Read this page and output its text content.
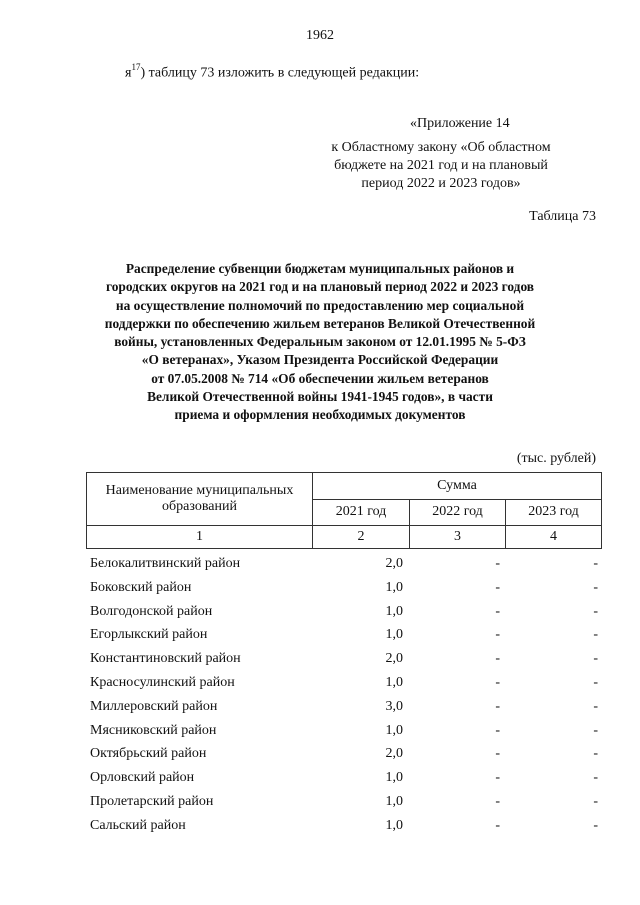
1962
$я^{17}$) таблицу 73 изложить в следующей редакции:
«Приложение 14
к Областному закону «Об областном
бюджете на 2021 год и на плановый
период 2022 и 2023 годов»
Таблица 73
Распределение субвенции бюджетам муниципальных районов и
городских округов на 2021 год и на плановый период 2022 и 2023 годов
на осуществление полномочий по предоставлению мер социальной
поддержки по обеспечению жильем ветеранов Великой Отечественной
войны, установленных Федеральным законом от 12.01.1995 № 5-ФЗ
«О ветеранах», Указом Президента Российской Федерации
от 07.05.2008 № 714 «Об обеспечении жильем ветеранов
Великой Отечественной войны 1941-1945 годов», в части
приема и оформления необходимых документов
(тыс. рублей)
Наименование муниципальных образований	Сумма		
	2021 год	2022 год	2023 год
1	2	3	4
Белокалитвинский район	2,0	-	-
Боковский район	1,0	-	-
Волгодонской район	1,0	-	-
Егорлыкский район	1,0	-	-
Константиновский район	2,0	-	-
Красносулинский район	1,0	-	-
Миллеровский район	3,0	-	-
Мясниковский район	1,0	-	-
Октябрьский район	2,0	-	-
Орловский район	1,0	-	-
Пролетарский район	1,0	-	-
Сальский район	1,0	-	-
